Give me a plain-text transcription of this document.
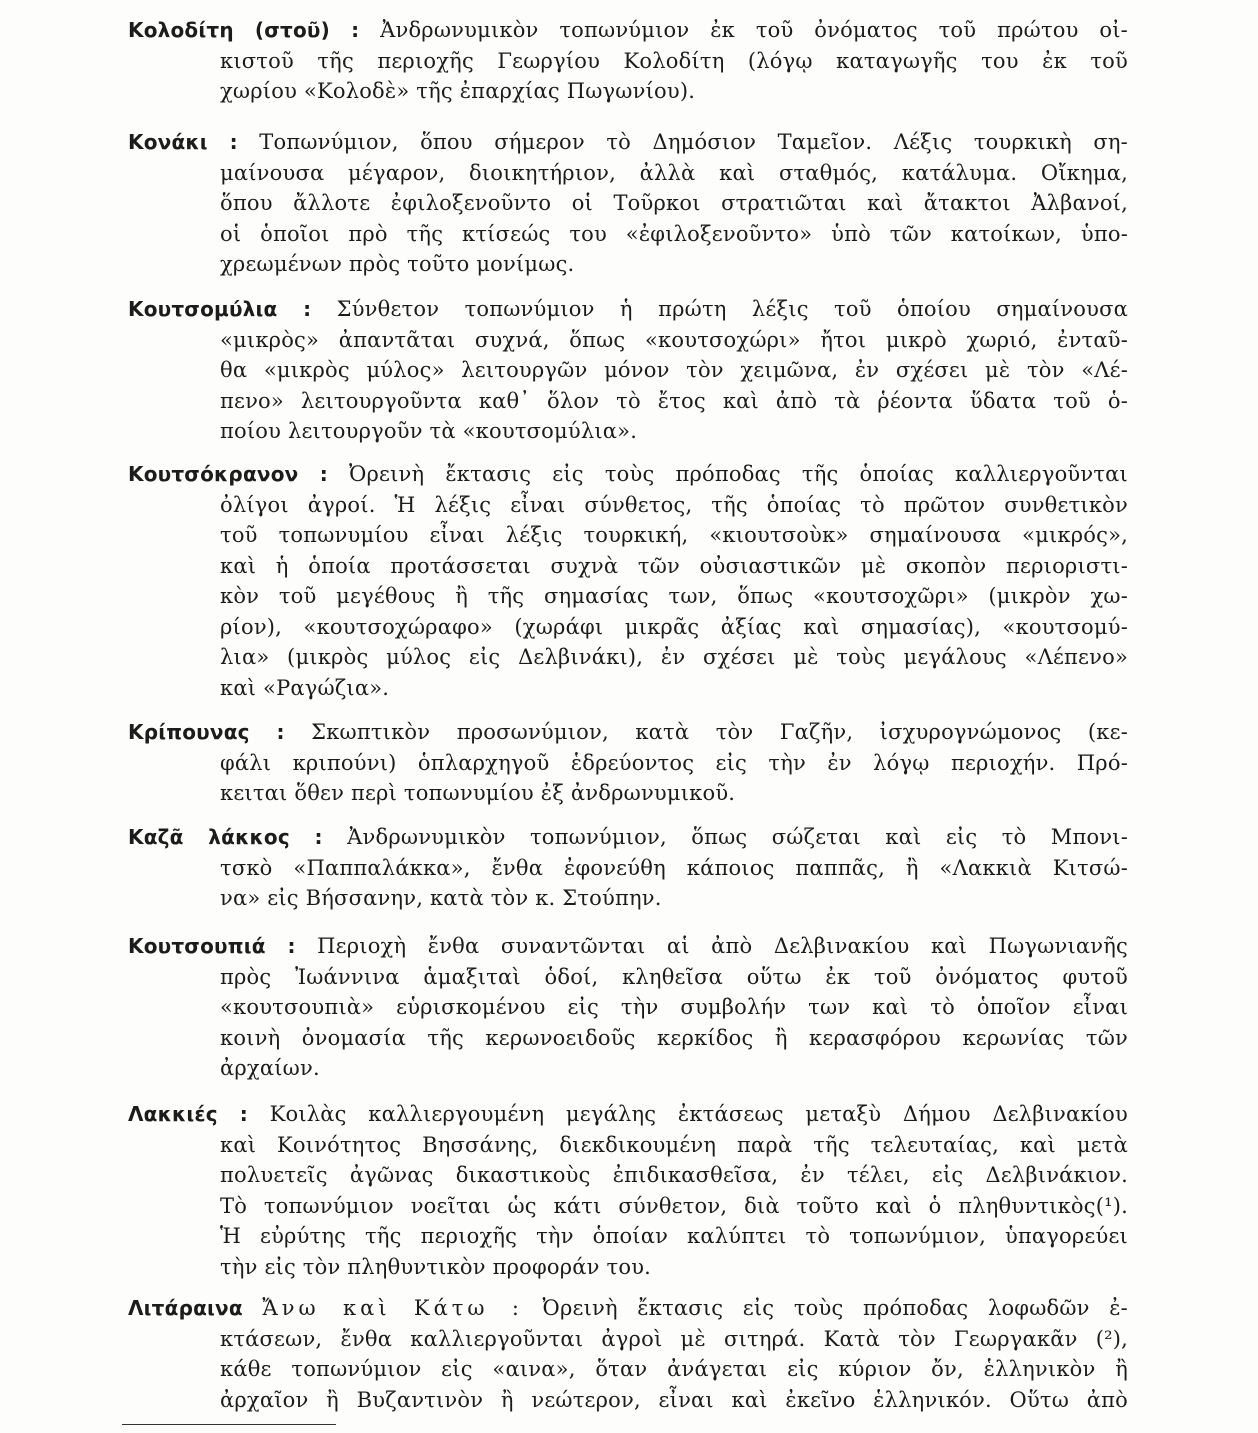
Κολοδίτη (στοῦ) : Ἀνδρωνυμικὸν τοπωνύμιον ἐκ τοῦ ὀνόματος τοῦ πρώτου οἰ-
κιστοῦ τῆς περιοχῆς Γεωργίου Κολοδίτη (λόγῳ καταγωγῆς του ἐκ τοῦ
χωρίου «Κολοδὲ» τῆς ἐπαρχίας Πωγωνίου).
Κονάκι : Τοπωνύμιον, ὅπου σήμερον τὸ Δημόσιον Ταμεῖον. Λέξις τουρκικὴ ση-
μαίνουσα μέγαρον, διοικητήριον, ἀλλὰ καὶ σταθμός, κατάλυμα. Οἴκημα,
ὅπου ἄλλοτε ἐφιλοξενοῦντο οἱ Τοῦρκοι στρατιῶται καὶ ἄτακτοι Ἀλβανοί,
οἱ ὁποῖοι πρὸ τῆς κτίσεώς του «ἐφιλοξενοῦντο» ὑπὸ τῶν κατοίκων, ὑπο-
χρεωμένων πρὸς τοῦτο μονίμως.
Κουτσομύλια : Σύνθετον τοπωνύμιον ἡ πρώτη λέξις τοῦ ὁποίου σημαίνουσα
«μικρὸς» ἀπαντᾶται συχνά, ὅπως «κουτσοχώρι» ἤτοι μικρὸ χωριό, ἐνταῦ-
θα «μικρὸς μύλος» λειτουργῶν μόνον τὸν χειμῶνα, ἐν σχέσει μὲ τὸν «Λέ-
πενο» λειτουργοῦντα καθ᾿ ὅλον τὸ ἔτος καὶ ἀπὸ τὰ ῥέοντα ὕδατα τοῦ ὁ-
ποίου λειτουργοῦν τὰ «κουτσομύλια».
Κουτσόκρανον : Ὀρεινὴ ἔκτασις εἰς τοὺς πρόποδας τῆς ὁποίας καλλιεργοῦνται
ὀλίγοι ἀγροί. Ἡ λέξις εἶναι σύνθετος, τῆς ὁποίας τὸ πρῶτον συνθετικὸν
τοῦ τοπωνυμίου εἶναι λέξις τουρκική, «κιουτσοὺκ» σημαίνουσα «μικρός»,
καὶ ἡ ὁποία προτάσσεται συχνὰ τῶν οὐσιαστικῶν μὲ σκοπὸν περιοριστι-
κὸν τοῦ μεγέθους ἢ τῆς σημασίας των, ὅπως «κουτσοχῶρι» (μικρὸν χω-
ρίον), «κουτσοχώραφο» (χωράφι μικρᾶς ἀξίας καὶ σημασίας), «κουτσομύ-
λια» (μικρὸς μύλος εἰς Δελβινάκι), ἐν σχέσει μὲ τοὺς μεγάλους «Λέπενο»
καὶ «Ραγώζια».
Κρίπουνας : Σκωπτικὸν προσωνύμιον, κατὰ τὸν Γαζῆν, ἰσχυρογνώμονος (κε-
φάλι κριπούνι) ὁπλαρχηγοῦ ἑδρεύοντος εἰς τὴν ἐν λόγῳ περιοχήν. Πρό-
κειται ὅθεν περὶ τοπωνυμίου ἐξ ἀνδρωνυμικοῦ.
Καζᾶ λάκκος : Ἀνδρωνυμικὸν τοπωνύμιον, ὅπως σώζεται καὶ εἰς τὸ Μπονι-
τσκὸ «Παππαλάκκα», ἔνθα ἐφονεύθη κάποιος παππᾶς, ἢ «Λακκιὰ Κιτσώ-
να» εἰς Βήσσανην, κατὰ τὸν κ. Στούπην.
Κουτσουπιά : Περιοχὴ ἔνθα συναντῶνται αἱ ἀπὸ Δελβινακίου καὶ Πωγωνιανῆς
πρὸς Ἰωάννινα ἁμαξιταὶ ὁδοί, κληθεῖσα οὕτω ἐκ τοῦ ὀνόματος φυτοῦ
«κουτσουπιὰ» εὑρισκομένου εἰς τὴν συμβολήν των καὶ τὸ ὁποῖον εἶναι
κοινὴ ὀνομασία τῆς κερωνοειδοῦς κερκίδος ἢ κερασφόρου κερωνίας τῶν
ἀρχαίων.
Λακκιές : Κοιλὰς καλλιεργουμένη μεγάλης ἐκτάσεως μεταξὺ Δήμου Δελβινακίου
καὶ Κοινότητος Βησσάνης, διεκδικουμένη παρὰ τῆς τελευταίας, καὶ μετὰ
πολυετεῖς ἀγῶνας δικαστικοὺς ἐπιδικασθεῖσα, ἐν τέλει, εἰς Δελβινάκιον.
Τὸ τοπωνύμιον νοεῖται ὡς κάτι σύνθετον, διὰ τοῦτο καὶ ὁ πληθυντικὸς(¹).
Ἡ εὐρύτης τῆς περιοχῆς τὴν ὁποίαν καλύπτει τὸ τοπωνύμιον, ὑπαγορεύει
τὴν εἰς τὸν πληθυντικὸν προφοράν του.
Λιτάραινα Ἄνω καὶ Κάτω : Ὀρεινὴ ἔκτασις εἰς τοὺς πρόποδας λοφωδῶν ἐ-
κτάσεων, ἔνθα καλλιεργοῦνται ἀγροὶ μὲ σιτηρά. Κατὰ τὸν Γεωργακᾶν (²),
κάθε τοπωνύμιον εἰς «αινα», ὅταν ἀνάγεται εἰς κύριον ὄν, ἑλληνικὸν ἢ
ἀρχαῖον ἢ Βυζαντινὸν ἢ νεώτερον, εἶναι καὶ ἐκεῖνο ἑλληνικόν. Οὕτω ἀπὸ
